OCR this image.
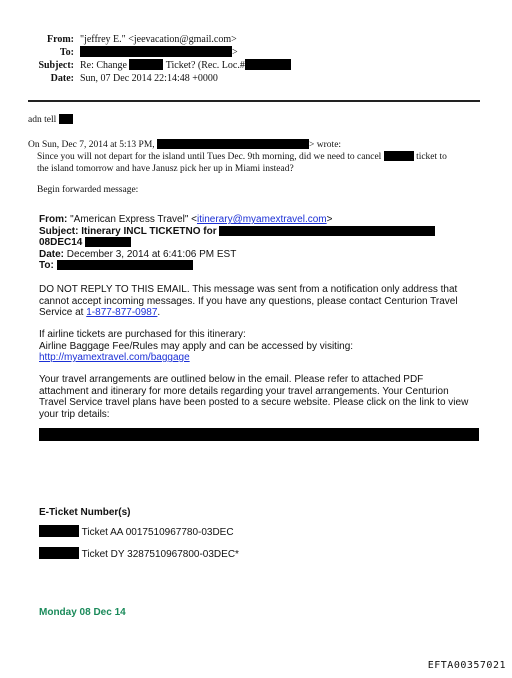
From: "jeffrey E." <jeevacation@gmail.com>
To:	>
Subject: Re: Change	Ticket? (Rec. Loc.#
Date: Sun, 07 Dec 2014 22:14:48 +0000
adn tell
On Sun, Dec 7, 2014 at 5:13 PM,	> wrote:
Since you will not depart for the island until Tues Dec. 9th morning, did we need to cancel	ticket to
the island tomorrow and have Janusz pick her up in Miami instead?
Begin forwarded message:
From: "American Express Travel" <itinerary@myamextravel.com>
Subject: Itinerary INCL TICKETNO for
08DEC14
Date: December 3, 2014 at 6:41:06 PM EST
To:
DO NOT REPLY TO THIS EMAIL. This message was sent from a notification only address that
cannot accept incoming messages. If you have any questions, please contact Centurion Travel
Service at 1-877-877-0987.
If airline tickets are purchased for this itinerary:
Airline Baggage Fee/Rules may apply and can be accessed by visiting:
http://myamextravel.com/baggage
Your travel arrangements are outlined below in the email. Please refer to attached PDF
attachment and itinerary for more details regarding your travel arrangements. Your Centurion
Travel Service travel plans have been posted to a secure website. Please click on the link to view
your trip details:
E-Ticket Number(s)
Ticket AA 0017510967780-03DEC
Ticket DY 3287510967800-03DEC*
Monday 08 Dec 14
EFTA00357021
